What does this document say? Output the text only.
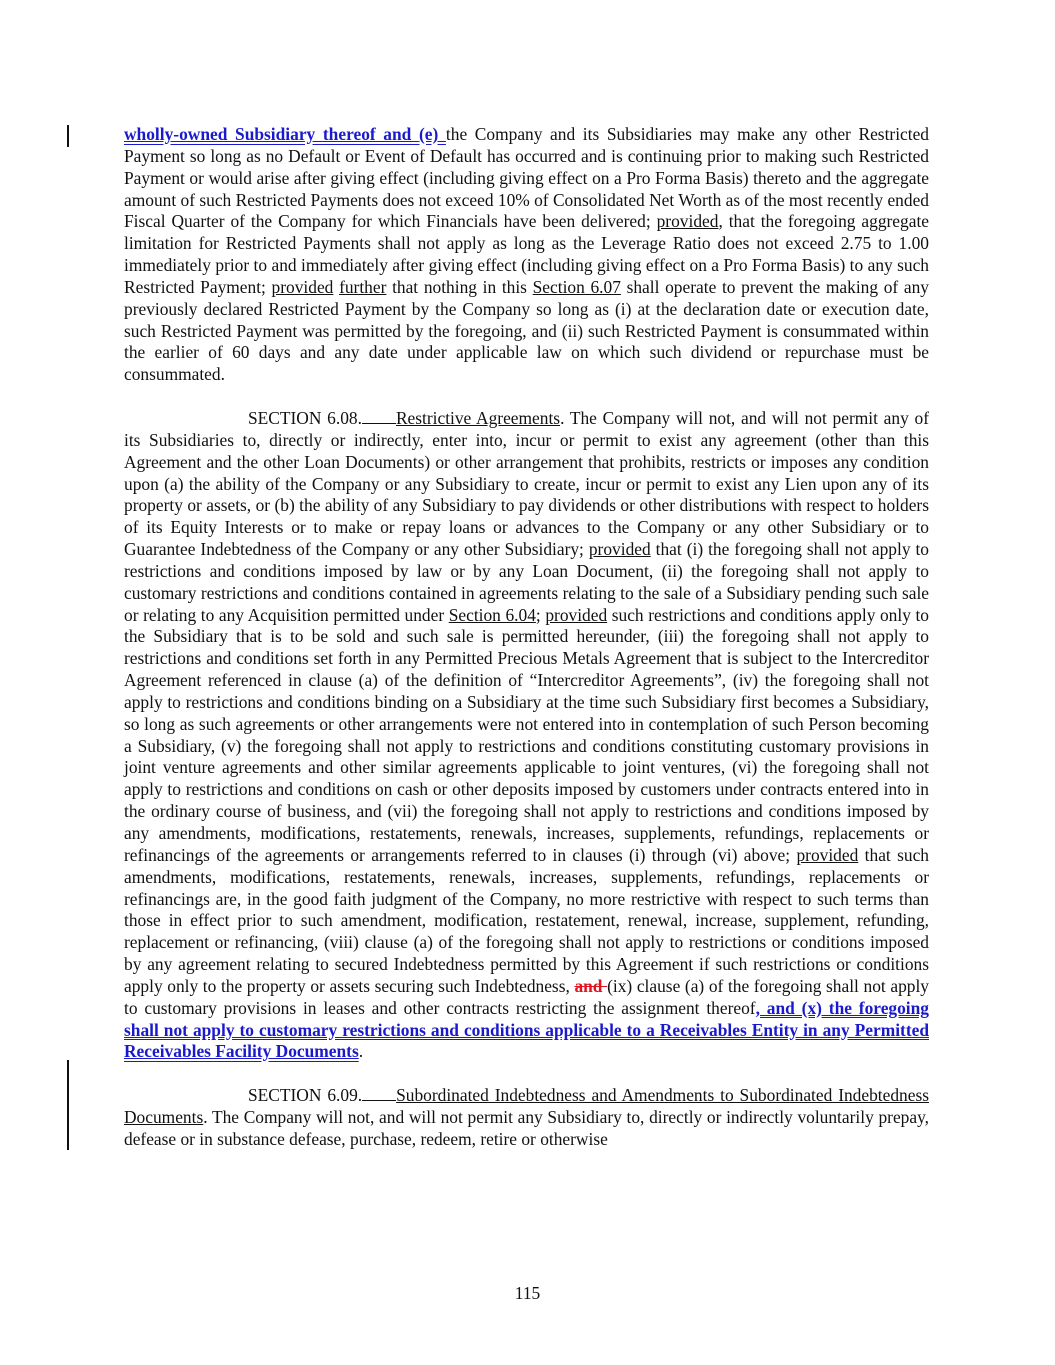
wholly-owned Subsidiary thereof and (e) the Company and its Subsidiaries may make any other Restricted Payment so long as no Default or Event of Default has occurred and is continuing prior to making such Restricted Payment or would arise after giving effect (including giving effect on a Pro Forma Basis) thereto and the aggregate amount of such Restricted Payments does not exceed 10% of Consolidated Net Worth as of the most recently ended Fiscal Quarter of the Company for which Financials have been delivered; provided, that the foregoing aggregate limitation for Restricted Payments shall not apply as long as the Leverage Ratio does not exceed 2.75 to 1.00 immediately prior to and immediately after giving effect (including giving effect on a Pro Forma Basis) to any such Restricted Payment; provided further that nothing in this Section 6.07 shall operate to prevent the making of any previously declared Restricted Payment by the Company so long as (i) at the declaration date or execution date, such Restricted Payment was permitted by the foregoing, and (ii) such Restricted Payment is consummated within the earlier of 60 days and any date under applicable law on which such dividend or repurchase must be consummated.

SECTION 6.08. Restrictive Agreements. The Company will not, and will not permit any of its Subsidiaries to, directly or indirectly, enter into, incur or permit to exist any agreement (other than this Agreement and the other Loan Documents) or other arrangement that prohibits, restricts or imposes any condition upon (a) the ability of the Company or any Subsidiary to create, incur or permit to exist any Lien upon any of its property or assets, or (b) the ability of any Subsidiary to pay dividends or other distributions with respect to holders of its Equity Interests or to make or repay loans or advances to the Company or any other Subsidiary or to Guarantee Indebtedness of the Company or any other Subsidiary; provided that (i) the foregoing shall not apply to restrictions and conditions imposed by law or by any Loan Document, (ii) the foregoing shall not apply to customary restrictions and conditions contained in agreements relating to the sale of a Subsidiary pending such sale or relating to any Acquisition permitted under Section 6.04; provided such restrictions and conditions apply only to the Subsidiary that is to be sold and such sale is permitted hereunder, (iii) the foregoing shall not apply to restrictions and conditions set forth in any Permitted Precious Metals Agreement that is subject to the Intercreditor Agreement referenced in clause (a) of the definition of “Intercreditor Agreements”, (iv) the foregoing shall not apply to restrictions and conditions binding on a Subsidiary at the time such Subsidiary first becomes a Subsidiary, so long as such agreements or other arrangements were not entered into in contemplation of such Person becoming a Subsidiary, (v) the foregoing shall not apply to restrictions and conditions constituting customary provisions in joint venture agreements and other similar agreements applicable to joint ventures, (vi) the foregoing shall not apply to restrictions and conditions on cash or other deposits imposed by customers under contracts entered into in the ordinary course of business, and (vii) the foregoing shall not apply to restrictions and conditions imposed by any amendments, modifications, restatements, renewals, increases, supplements, refundings, replacements or refinancings of the agreements or arrangements referred to in clauses (i) through (vi) above; provided that such amendments, modifications, restatements, renewals, increases, supplements, refundings, replacements or refinancings are, in the good faith judgment of the Company, no more restrictive with respect to such terms than those in effect prior to such amendment, modification, restatement, renewal, increase, supplement, refunding, replacement or refinancing, (viii) clause (a) of the foregoing shall not apply to restrictions or conditions imposed by any agreement relating to secured Indebtedness permitted by this Agreement if such restrictions or conditions apply only to the property or assets securing such Indebtedness, and (ix) clause (a) of the foregoing shall not apply to customary provisions in leases and other contracts restricting the assignment thereof, and (x) the foregoing shall not apply to customary restrictions and conditions applicable to a Receivables Entity in any Permitted Receivables Facility Documents.

SECTION 6.09. Subordinated Indebtedness and Amendments to Subordinated Indebtedness Documents. The Company will not, and will not permit any Subsidiary to, directly or indirectly voluntarily prepay, defease or in substance defease, purchase, redeem, retire or otherwise

115
